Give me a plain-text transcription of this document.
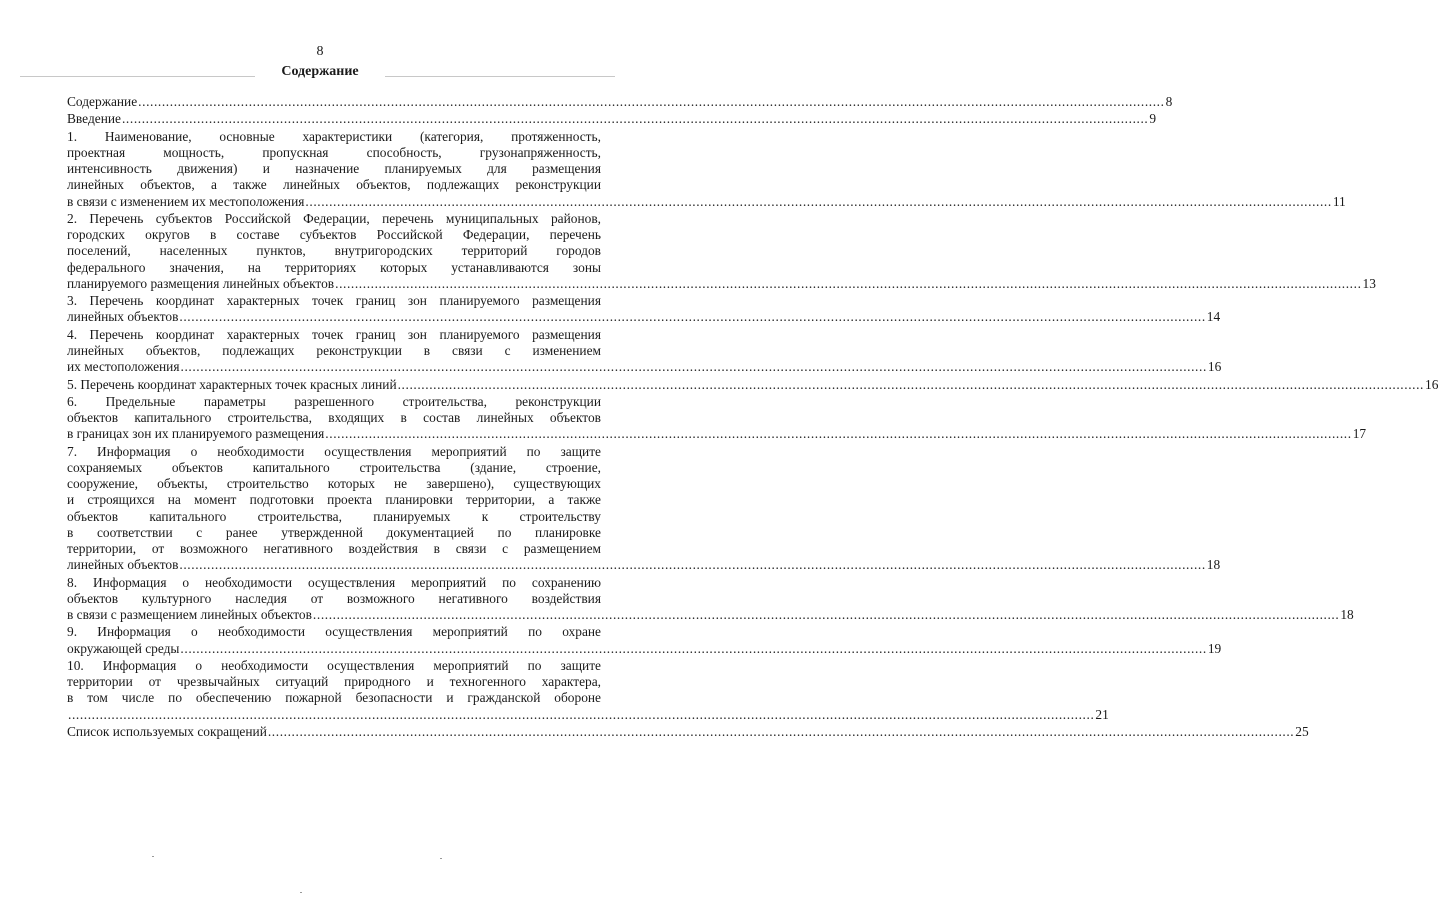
8
Содержание
Содержание .................................................................................................................................................................................................................................................................... 8
Введение .................................................................................................................................................................................................................................................................... 9
1. Наименование, основные характеристики (категория, протяженность,
проектная мощность, пропускная способность, грузонапряженность,
интенсивность движения) и назначение планируемых для размещения
линейных объектов, а также линейных объектов, подлежащих реконструкции
в связи с изменением их местоположения .................................................................................................................................................................................................................................................................... 11
2. Перечень субъектов Российской Федерации, перечень муниципальных районов,
городских округов в составе субъектов Российской Федерации, перечень
поселений, населенных пунктов, внутригородских территорий городов
федерального значения, на территориях которых устанавливаются зоны
планируемого размещения линейных объектов .................................................................................................................................................................................................................................................................... 13
3. Перечень координат характерных точек границ зон планируемого размещения
линейных объектов .................................................................................................................................................................................................................................................................... 14
4. Перечень координат характерных точек границ зон планируемого размещения
линейных объектов, подлежащих реконструкции в связи с изменением
их местоположения .................................................................................................................................................................................................................................................................... 16
5. Перечень координат характерных точек красных линий .................................................................................................................................................................................................................................................................... 16
6. Предельные параметры разрешенного строительства, реконструкции
объектов капитального строительства, входящих в состав линейных объектов
в границах зон их планируемого размещения .................................................................................................................................................................................................................................................................... 17
7. Информация о необходимости осуществления мероприятий по защите
сохраняемых объектов капитального строительства (здание, строение,
сооружение, объекты, строительство которых не завершено), существующих
и строящихся на момент подготовки проекта планировки территории, а также
объектов капитального строительства, планируемых к строительству
в соответствии с ранее утвержденной документацией по планировке
территории, от возможного негативного воздействия в связи с размещением
линейных объектов .................................................................................................................................................................................................................................................................... 18
8. Информация о необходимости осуществления мероприятий по сохранению
объектов культурного наследия от возможного негативного воздействия
в связи с размещением линейных объектов .................................................................................................................................................................................................................................................................... 18
9. Информация о необходимости осуществления мероприятий по охране
окружающей среды .................................................................................................................................................................................................................................................................... 19
10. Информация о необходимости осуществления мероприятий по защите
территории от чрезвычайных ситуаций природного и техногенного характера,
в том числе по обеспечению пожарной безопасности и гражданской обороне
.................................................................................................................................................................................................................................................................... 21
Список используемых сокращений .................................................................................................................................................................................................................................................................... 25
